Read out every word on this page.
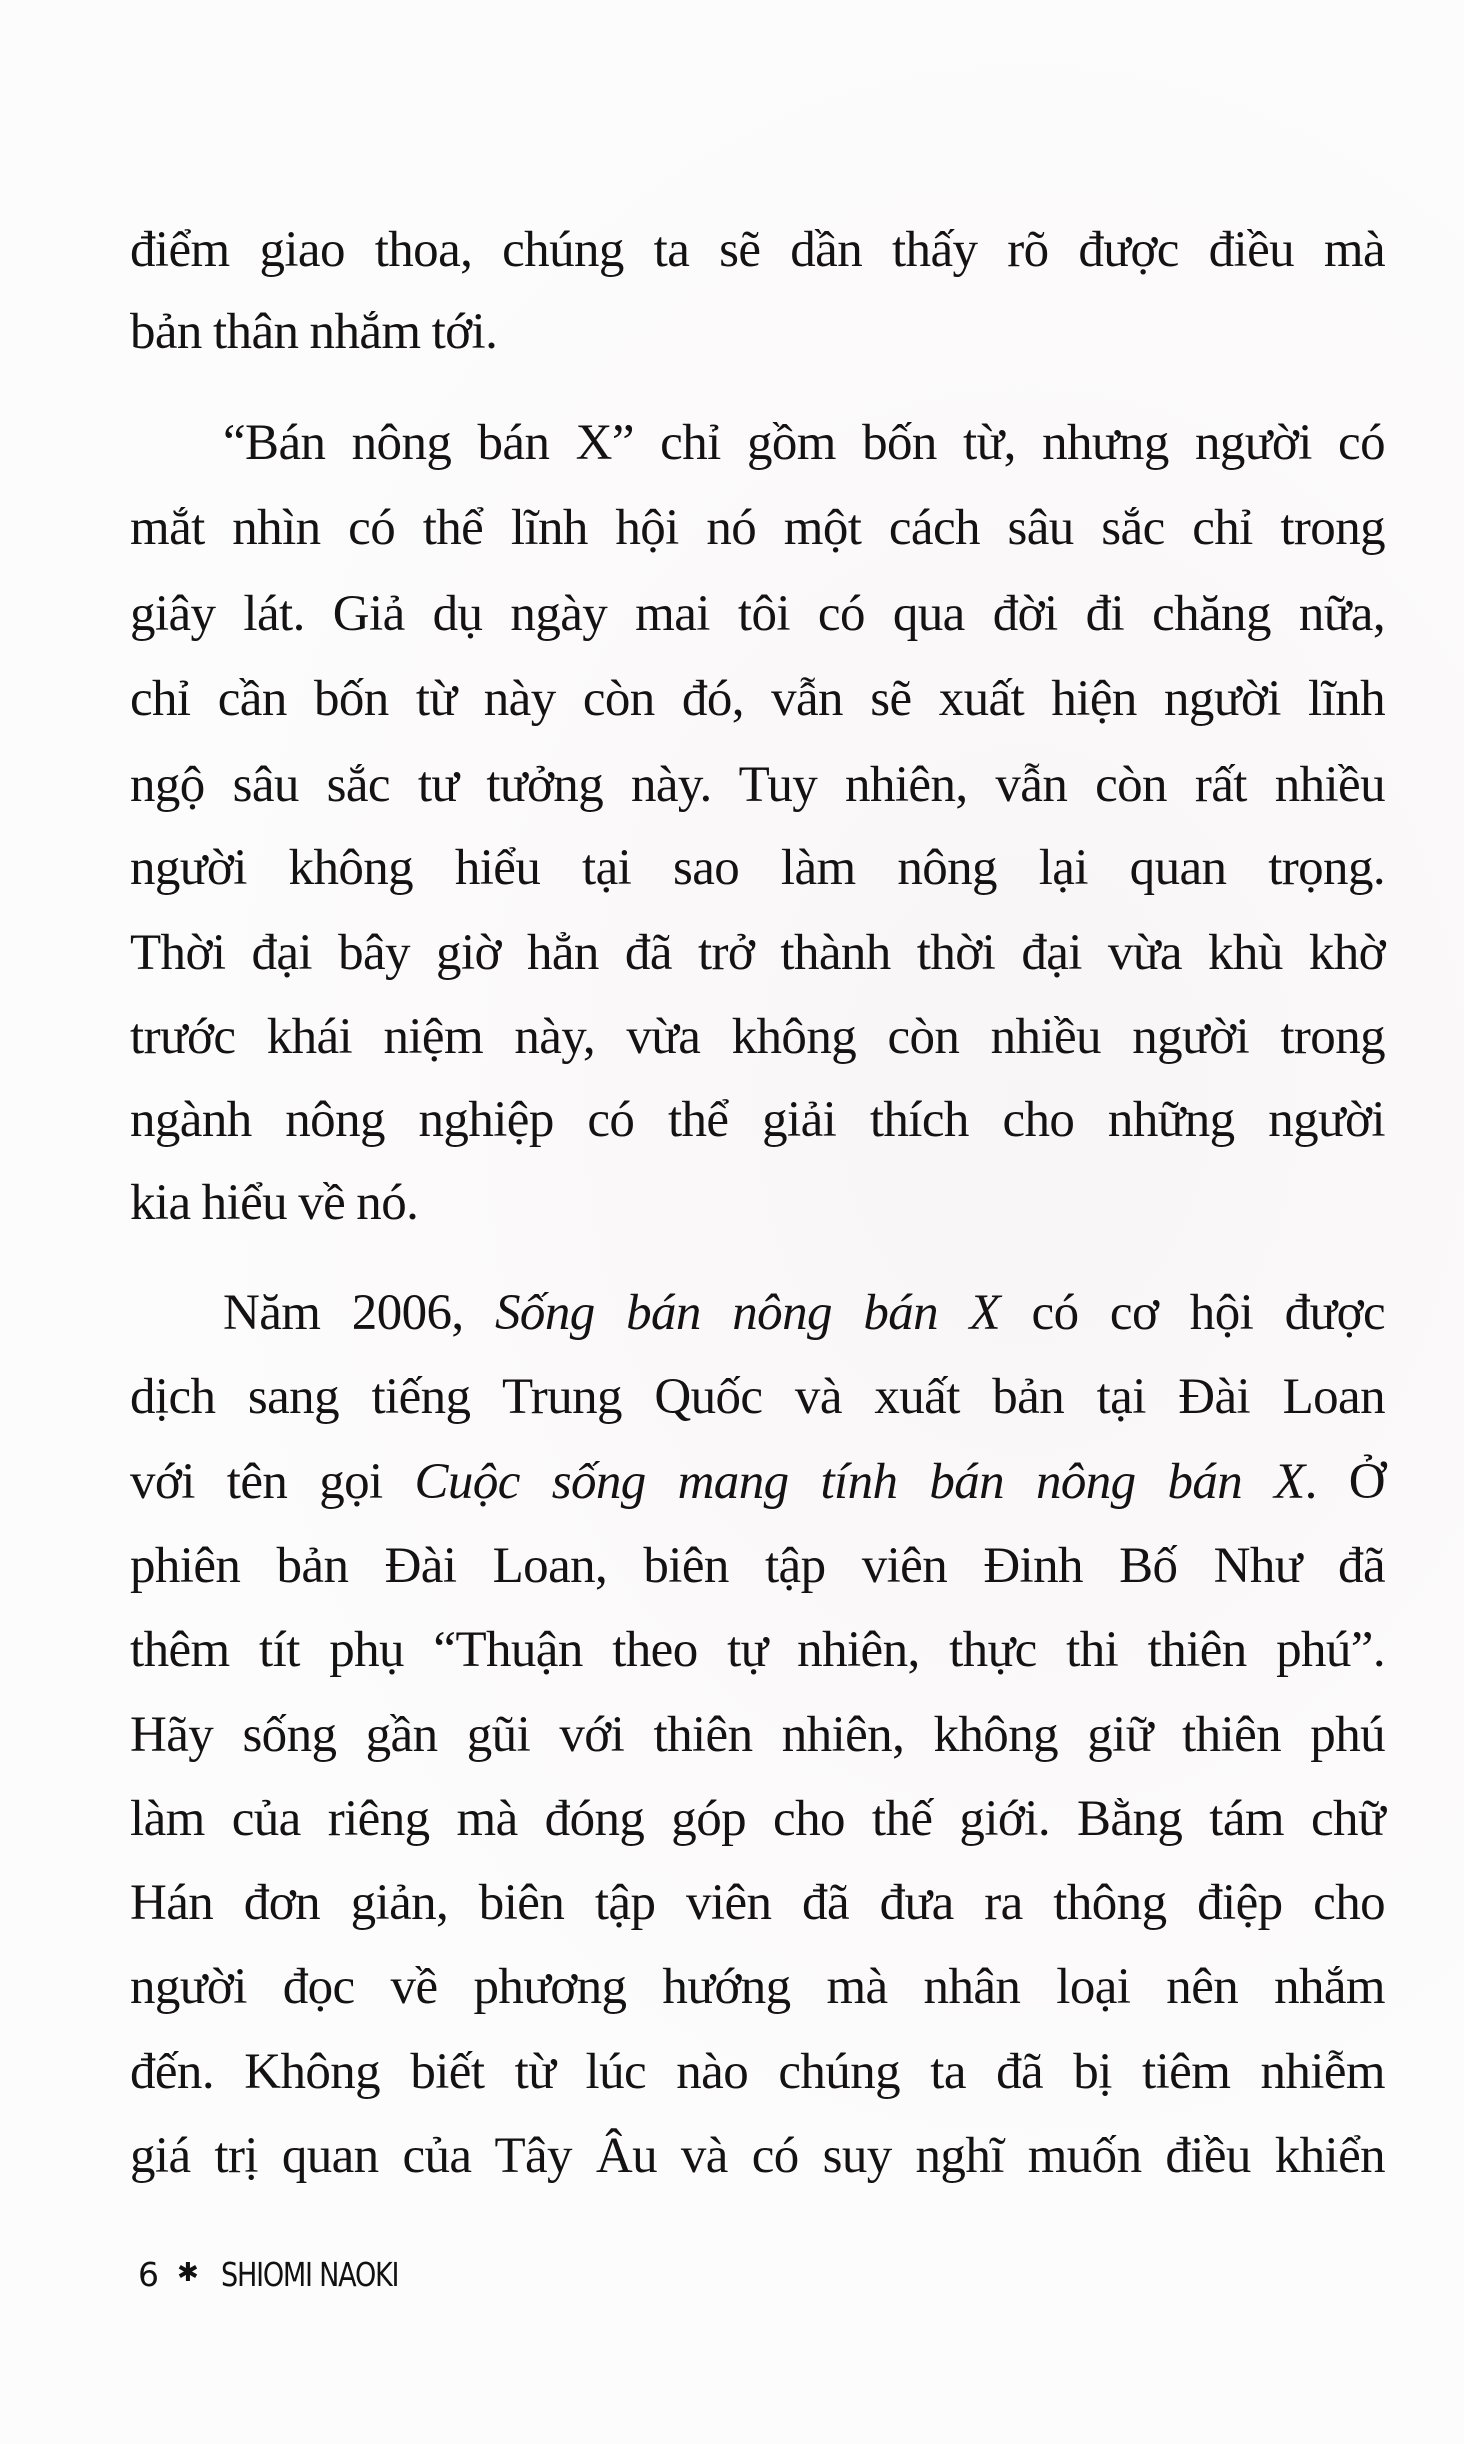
điểm giao thoa, chúng ta sẽ dần thấy rõ được điều mà
bản thân nhắm tới.
“Bán nông bán X” chỉ gồm bốn từ, nhưng người có
mắt nhìn có thể lĩnh hội nó một cách sâu sắc chỉ trong
giây lát. Giả dụ ngày mai tôi có qua đời đi chăng nữa,
chỉ cần bốn từ này còn đó, vẫn sẽ xuất hiện người lĩnh
ngộ sâu sắc tư tưởng này. Tuy nhiên, vẫn còn rất nhiều
người không hiểu tại sao làm nông lại quan trọng.
Thời đại bây giờ hẳn đã trở thành thời đại vừa khù khờ
trước khái niệm này, vừa không còn nhiều người trong
ngành nông nghiệp có thể giải thích cho những người
kia hiểu về nó.
Năm 2006, Sống bán nông bán X có cơ hội được
dịch sang tiếng Trung Quốc và xuất bản tại Đài Loan
với tên gọi Cuộc sống mang tính bán nông bán X. Ở
phiên bản Đài Loan, biên tập viên Đinh Bố Như đã
thêm tít phụ “Thuận theo tự nhiên, thực thi thiên phú”.
Hãy sống gần gũi với thiên nhiên, không giữ thiên phú
làm của riêng mà đóng góp cho thế giới. Bằng tám chữ
Hán đơn giản, biên tập viên đã đưa ra thông điệp cho
người đọc về phương hướng mà nhân loại nên nhắm
đến. Không biết từ lúc nào chúng ta đã bị tiêm nhiễm
giá trị quan của Tây Âu và có suy nghĩ muốn điều khiển
6 ✱ SHIOMI NAOKI
